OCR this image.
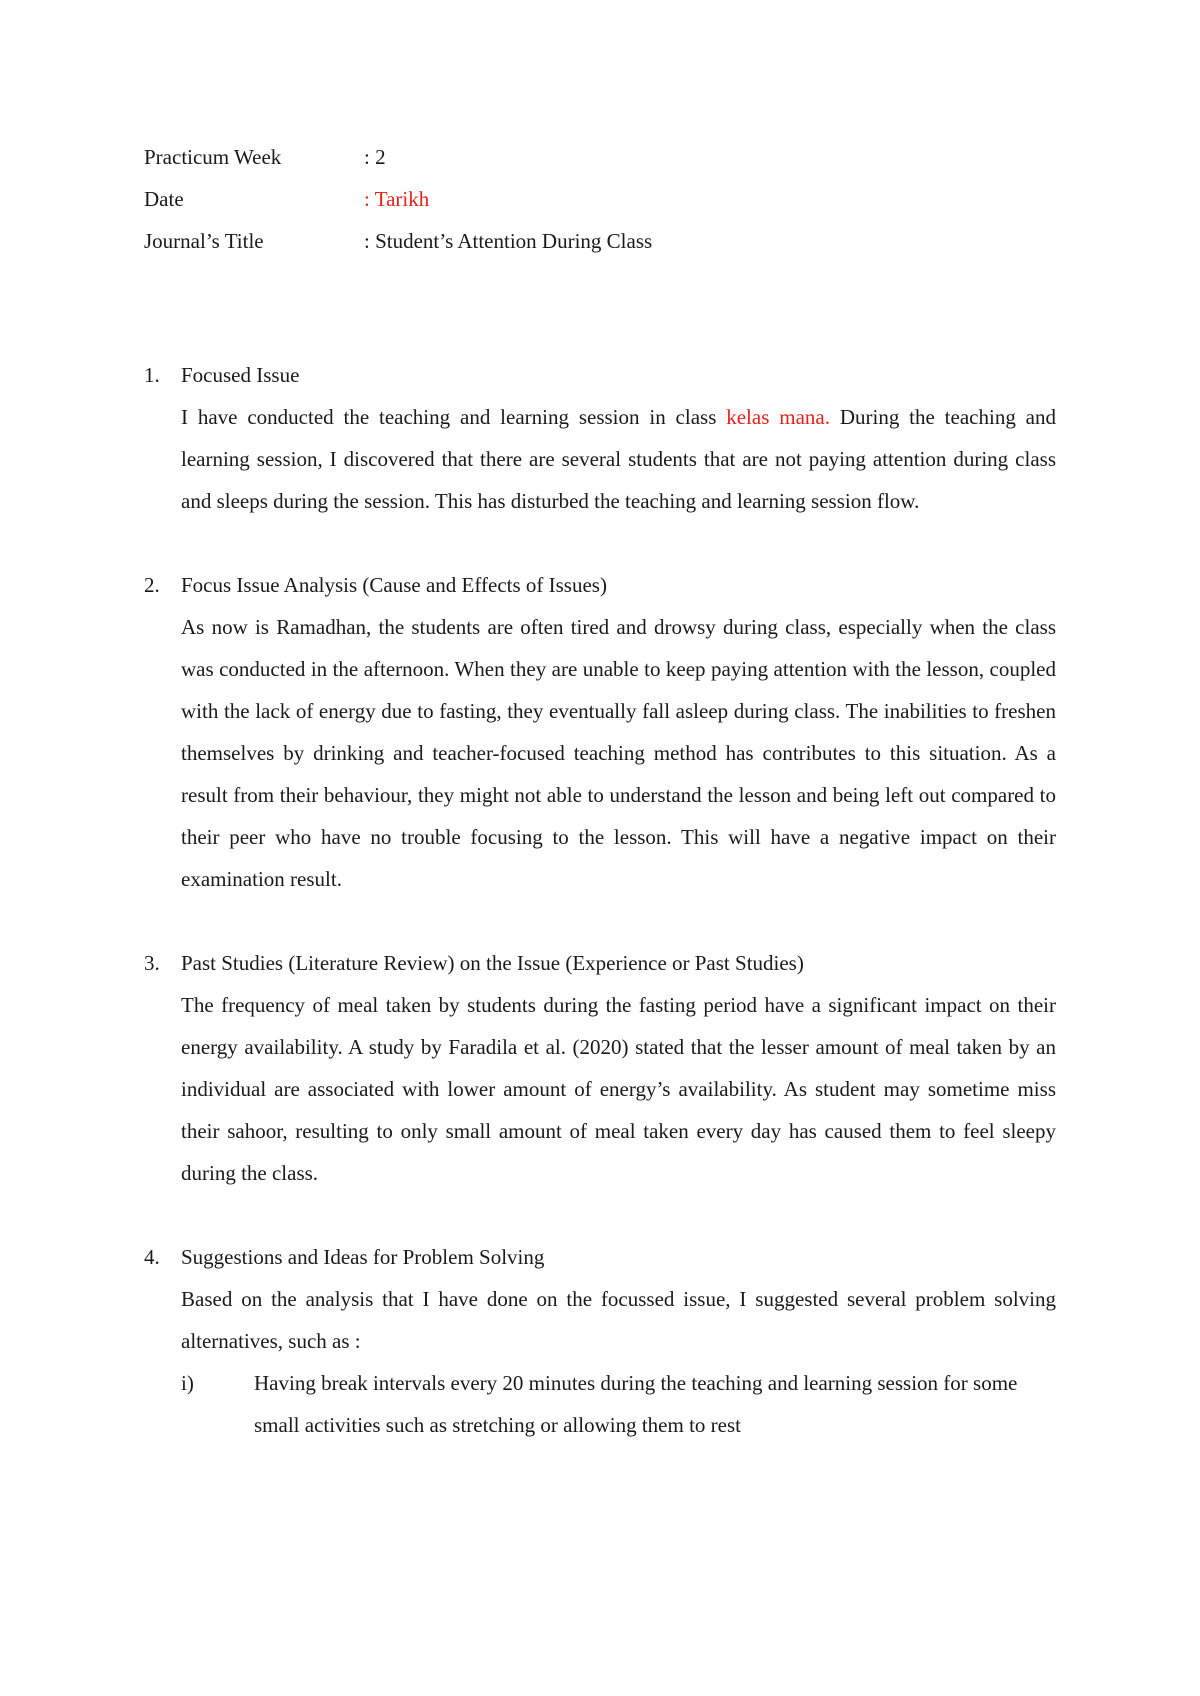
Practicum Week	: 2
Date	: Tarikh
Journal’s Title	: Student’s Attention During Class
1.	Focused Issue
I have conducted the teaching and learning session in class kelas mana. During the teaching and learning session, I discovered that there are several students that are not paying attention during class and sleeps during the session. This has disturbed the teaching and learning session flow.
2.	Focus Issue Analysis (Cause and Effects of Issues)
As now is Ramadhan, the students are often tired and drowsy during class, especially when the class was conducted in the afternoon. When they are unable to keep paying attention with the lesson, coupled with the lack of energy due to fasting, they eventually fall asleep during class. The inabilities to freshen themselves by drinking and teacher-focused teaching method has contributes to this situation. As a result from their behaviour, they might not able to understand the lesson and being left out compared to their peer who have no trouble focusing to the lesson. This will have a negative impact on their examination result.
3.	Past Studies (Literature Review) on the Issue (Experience or Past Studies)
The frequency of meal taken by students during the fasting period have a significant impact on their energy availability. A study by Faradila et al. (2020) stated that the lesser amount of meal taken by an individual are associated with lower amount of energy’s availability. As student may sometime miss their sahoor, resulting to only small amount of meal taken every day has caused them to feel sleepy during the class.
4.	Suggestions and Ideas for Problem Solving
Based on the analysis that I have done on the focussed issue, I suggested several problem solving alternatives, such as :
i)	Having break intervals every 20 minutes during the teaching and learning session for some small activities such as stretching or allowing them to rest
